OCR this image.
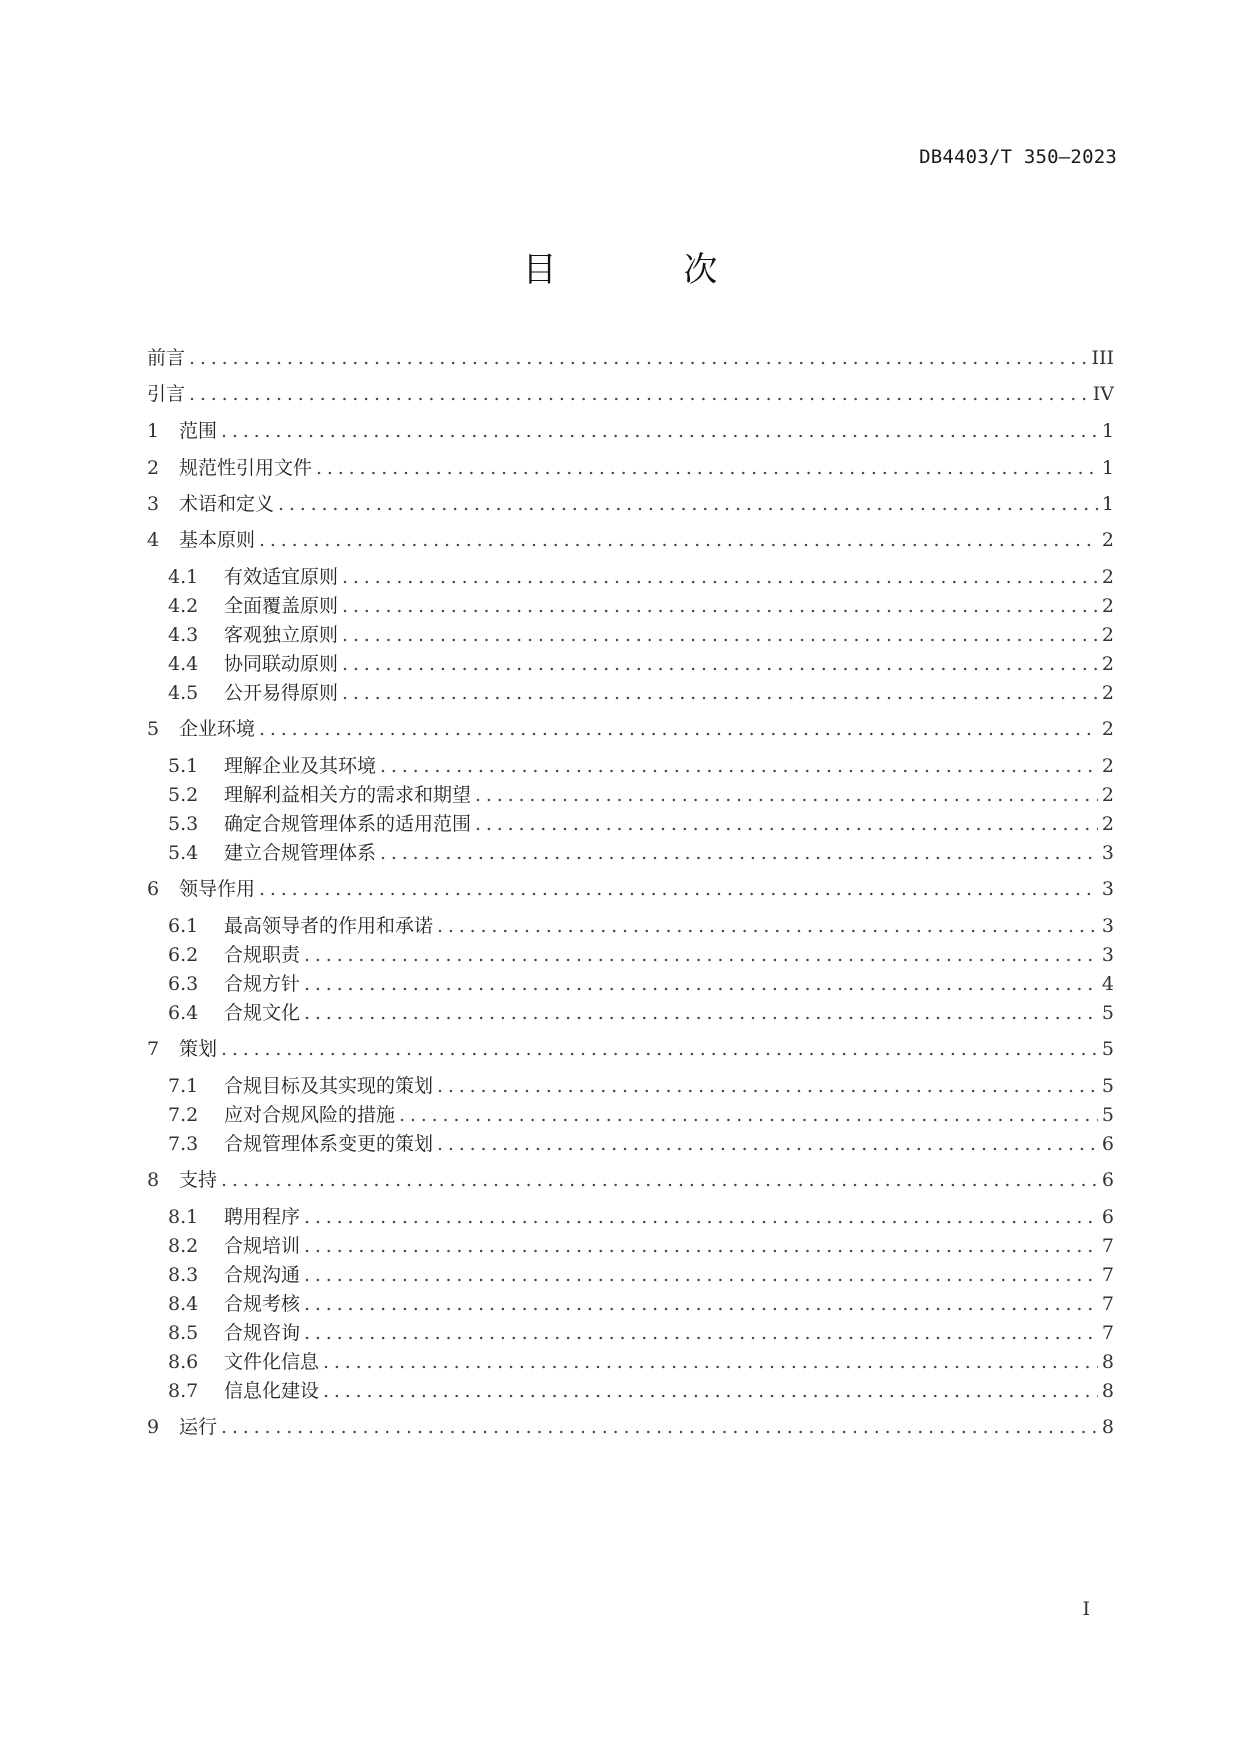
DB4403/T 350—2023
目 次
前言 . . .	III
引言 . . .	IV
1	范围 . . .	1
2	规范性引用文件 . . .	1
3	术语和定义 . . .	1
4	基本原则 . . .	2
4.1	有效适宜原则 . . .	2
4.2	全面覆盖原则 . . .	2
4.3	客观独立原则 . . .	2
4.4	协同联动原则 . . .	2
4.5	公开易得原则 . . .	2
5	企业环境 . . .	2
5.1	理解企业及其环境 . . .	2
5.2	理解利益相关方的需求和期望 . . .	2
5.3	确定合规管理体系的适用范围 . . .	2
5.4	建立合规管理体系 . . .	3
6	领导作用 . . .	3
6.1	最高领导者的作用和承诺 . . .	3
6.2	合规职责 . . .	3
6.3	合规方针 . . .	4
6.4	合规文化 . . .	5
7	策划 . . .	5
7.1	合规目标及其实现的策划 . . .	5
7.2	应对合规风险的措施 . . .	5
7.3	合规管理体系变更的策划 . . .	6
8	支持 . . .	6
8.1	聘用程序 . . .	6
8.2	合规培训 . . .	7
8.3	合规沟通 . . .	7
8.4	合规考核 . . .	7
8.5	合规咨询 . . .	7
8.6	文件化信息 . . .	8
8.7	信息化建设 . . .	8
9	运行 . . .	8
I
